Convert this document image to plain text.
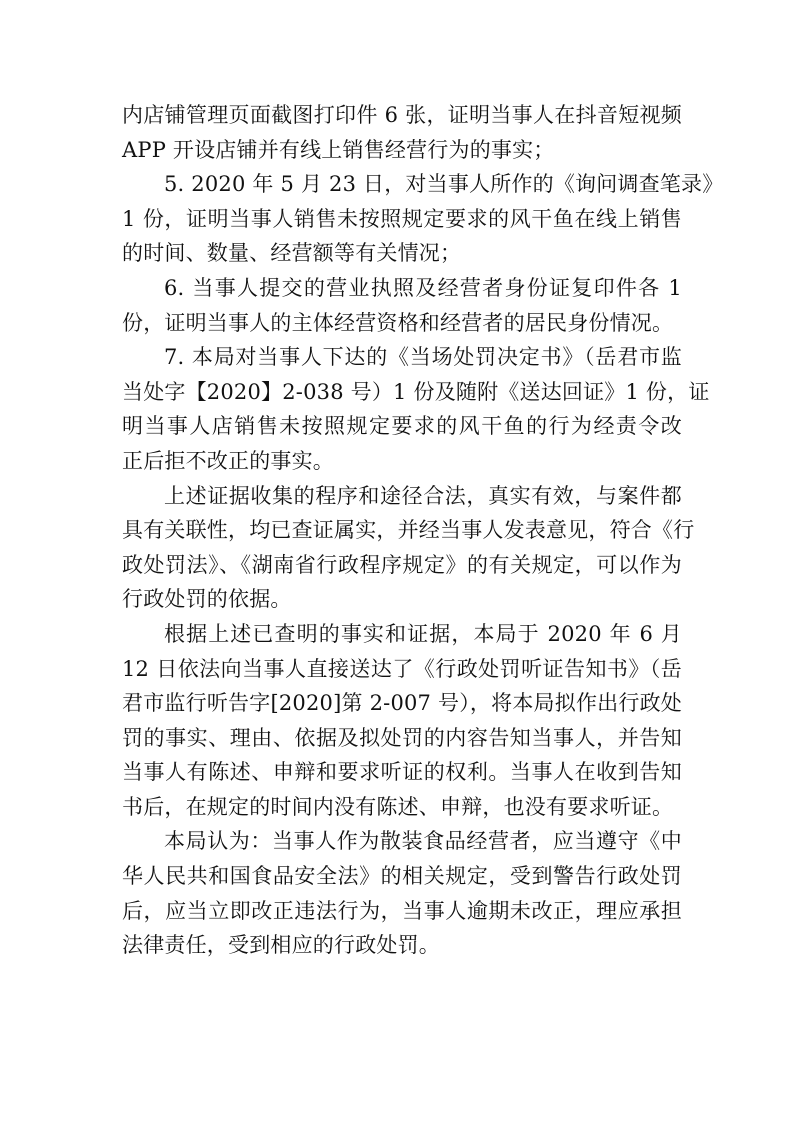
内店铺管理页面截图打印件 6 张，证明当事人在抖音短视频
APP 开设店铺并有线上销售经营行为的事实；
5. 2020 年 5 月 23 日，对当事人所作的《询问调查笔录》
1 份，证明当事人销售未按照规定要求的风干鱼在线上销售
的时间、数量、经营额等有关情况；
6. 当事人提交的营业执照及经营者身份证复印件各 1
份，证明当事人的主体经营资格和经营者的居民身份情况。
7. 本局对当事人下达的《当场处罚决定书》（岳君市监
当处字【2020】2-038 号）1 份及随附《送达回证》1 份，证
明当事人店销售未按照规定要求的风干鱼的行为经责令改
正后拒不改正的事实。
上述证据收集的程序和途径合法，真实有效，与案件都
具有关联性，均已查证属实，并经当事人发表意见，符合《行
政处罚法》、《湖南省行政程序规定》的有关规定，可以作为
行政处罚的依据。
根据上述已查明的事实和证据，本局于 2020 年 6 月
12 日依法向当事人直接送达了《行政处罚听证告知书》（岳
君市监行听告字[2020]第 2-007 号），将本局拟作出行政处
罚的事实、理由、依据及拟处罚的内容告知当事人，并告知
当事人有陈述、申辩和要求听证的权利。当事人在收到告知
书后，在规定的时间内没有陈述、申辩，也没有要求听证。
本局认为：当事人作为散装食品经营者，应当遵守《中
华人民共和国食品安全法》的相关规定，受到警告行政处罚
后，应当立即改正违法行为，当事人逾期未改正，理应承担
法律责任，受到相应的行政处罚。
